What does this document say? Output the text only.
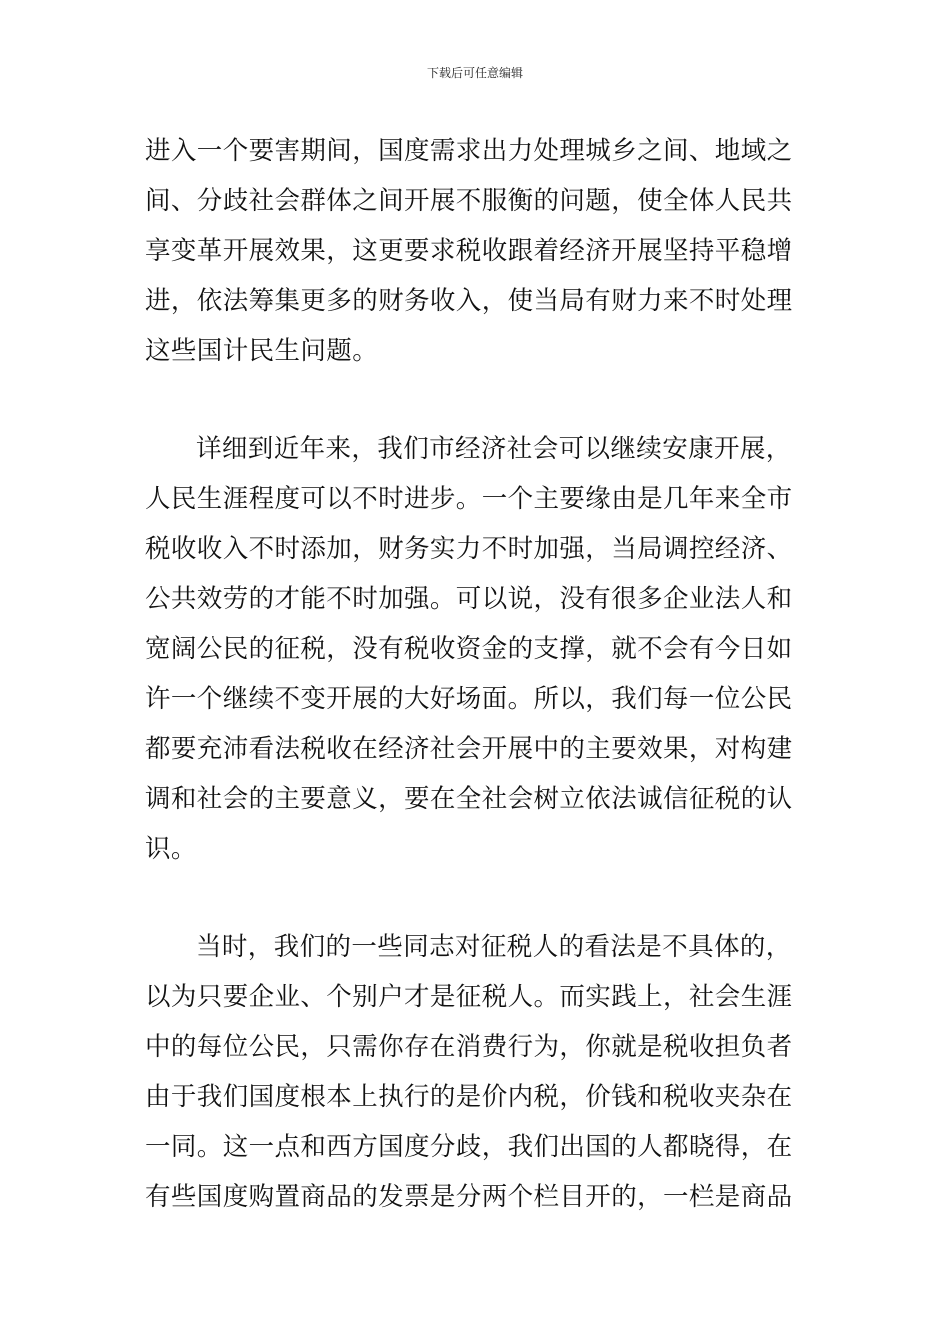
下载后可任意编辑
进入一个要害期间，国度需求出力处理城乡之间、地域之
间、分歧社会群体之间开展不服衡的问题，使全体人民共
享变革开展效果，这更要求税收跟着经济开展坚持平稳增
进，依法筹集更多的财务收入，使当局有财力来不时处理
这些国计民生问题。
详细到近年来，我们市经济社会可以继续安康开展，
人民生涯程度可以不时进步。一个主要缘由是几年来全市
税收收入不时添加，财务实力不时加强，当局调控经济、
公共效劳的才能不时加强。可以说，没有很多企业法人和
宽阔公民的征税，没有税收资金的支撑，就不会有今日如
许一个继续不变开展的大好场面。所以，我们每一位公民
都要充沛看法税收在经济社会开展中的主要效果，对构建
调和社会的主要意义，要在全社会树立依法诚信征税的认
识。
当时，我们的一些同志对征税人的看法是不具体的，
以为只要企业、个别户才是征税人。而实践上，社会生涯
中的每位公民，只需你存在消费行为，你就是税收担负者
由于我们国度根本上执行的是价内税，价钱和税收夹杂在
一同。这一点和西方国度分歧，我们出国的人都晓得，在
有些国度购置商品的发票是分两个栏目开的，一栏是商品
